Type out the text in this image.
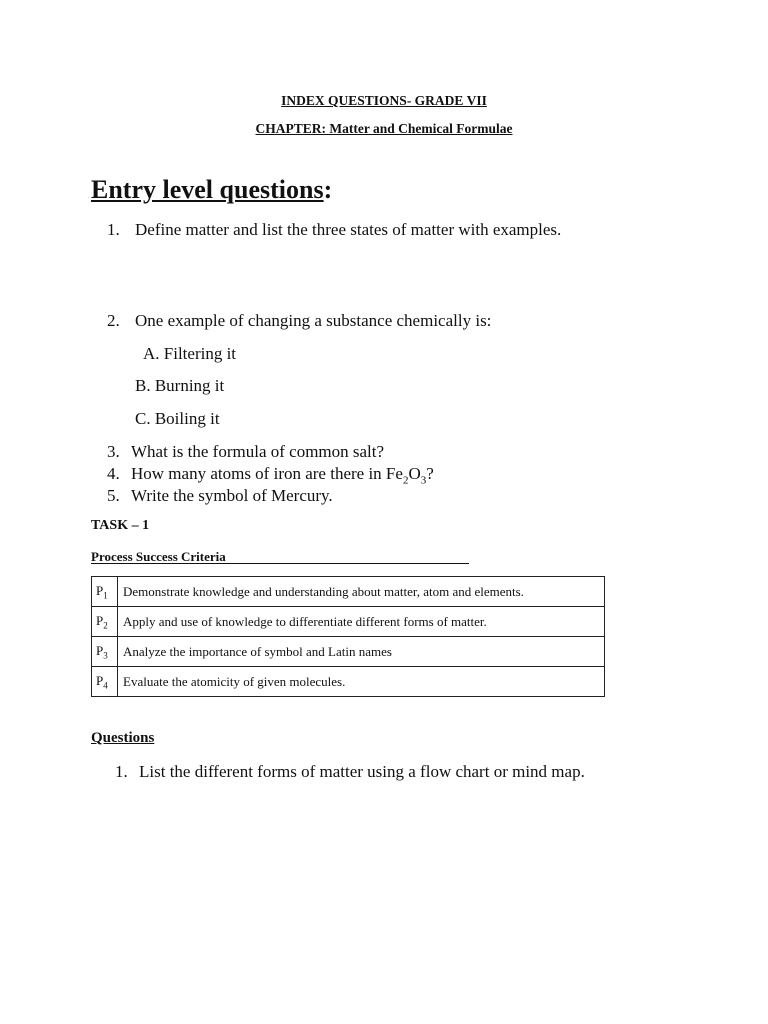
INDEX QUESTIONS- GRADE VII
CHAPTER: Matter and Chemical Formulae
Entry level questions:
1. Define matter and list the three states of matter with examples.
2. One example of changing a substance chemically is:
A. Filtering it
B. Burning it
C. Boiling it
3. What is the formula of common salt?
4. How many atoms of iron are there in $Fe_2O_3$?
5. Write the symbol of Mercury.
TASK – 1
Process Success Criteria
$P_1$	Demonstrate knowledge and understanding about matter, atom and elements.
$P_2$	Apply and use of knowledge to differentiate different forms of matter.
$P_3$	Analyze the importance of symbol and Latin names
$P_4$	Evaluate the atomicity of given molecules.
Questions
1. List the different forms of matter using a flow chart or mind map.
